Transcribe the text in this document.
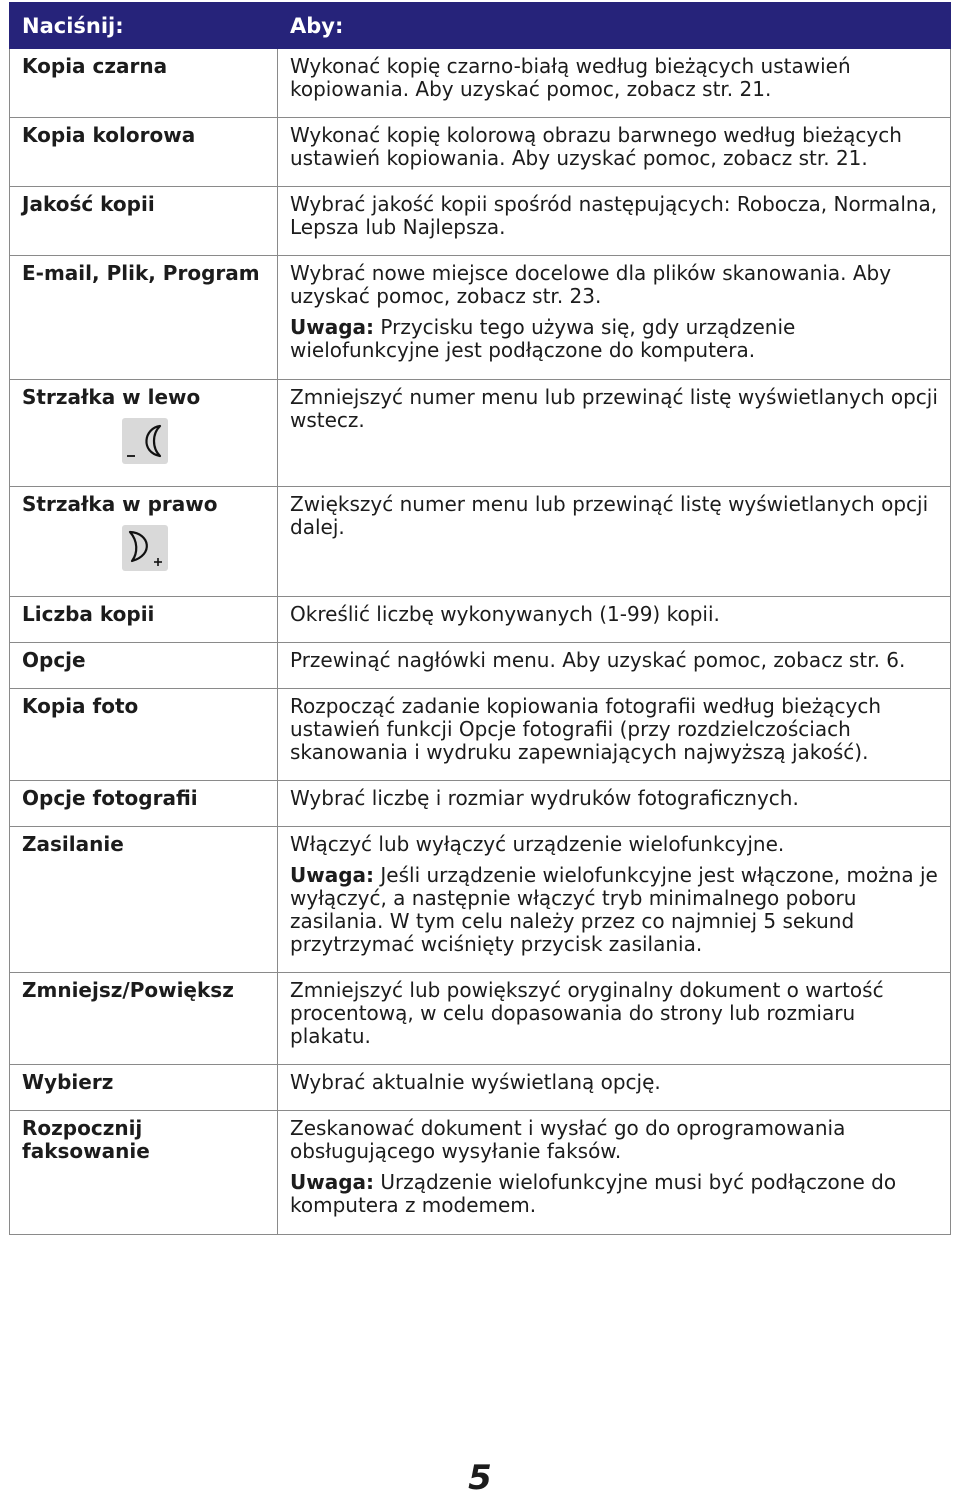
Naciśnij:	Aby:

Kopia czarna	Wykonać kopię czarno-białą według bieżących ustawień kopiowania. Aby uzyskać pomoc, zobacz str. 21.

Kopia kolorowa	Wykonać kopię kolorową obrazu barwnego według bieżących ustawień kopiowania. Aby uzyskać pomoc, zobacz str. 21.

Jakość kopii	Wybrać jakość kopii spośród następujących: Robocza, Normalna, Lepsza lub Najlepsza.

E-mail, Plik, Program	Wybrać nowe miejsce docelowe dla plików skanowania. Aby uzyskać pomoc, zobacz str. 23.

Uwaga: Przycisku tego używa się, gdy urządzenie wielofunkcyjne jest podłączone do komputera.

Strzałka w lewo	Zmniejszyć numer menu lub przewinąć listę wyświetlanych opcji wstecz.

Strzałka w prawo	Zwiększyć numer menu lub przewinąć listę wyświetlanych opcji dalej.

Liczba kopii	Określić liczbę wykonywanych (1-99) kopii.

Opcje	Przewinąć nagłówki menu. Aby uzyskać pomoc, zobacz str. 6.

Kopia foto	Rozpocząć zadanie kopiowania fotografii według bieżących ustawień funkcji Opcje fotografii (przy rozdzielczościach skanowania i wydruku zapewniających najwyższą jakość).

Opcje fotografii	Wybrać liczbę i rozmiar wydruków fotograficznych.

Zasilanie	Włączyć lub wyłączyć urządzenie wielofunkcyjne.

Uwaga: Jeśli urządzenie wielofunkcyjne jest włączone, można je wyłączyć, a następnie włączyć tryb minimalnego poboru zasilania. W tym celu należy przez co najmniej 5 sekund przytrzymać wciśnięty przycisk zasilania.

Zmniejsz/Powiększ	Zmniejszyć lub powiększyć oryginalny dokument o wartość procentową, w celu dopasowania do strony lub rozmiaru plakatu.

Wybierz	Wybrać aktualnie wyświetlaną opcję.

Rozpocznij faksowanie	Zeskanować dokument i wysłać go do oprogramowania obsługującego wysyłanie faksów.

Uwaga: Urządzenie wielofunkcyjne musi być podłączone do komputera z modemem.

5
